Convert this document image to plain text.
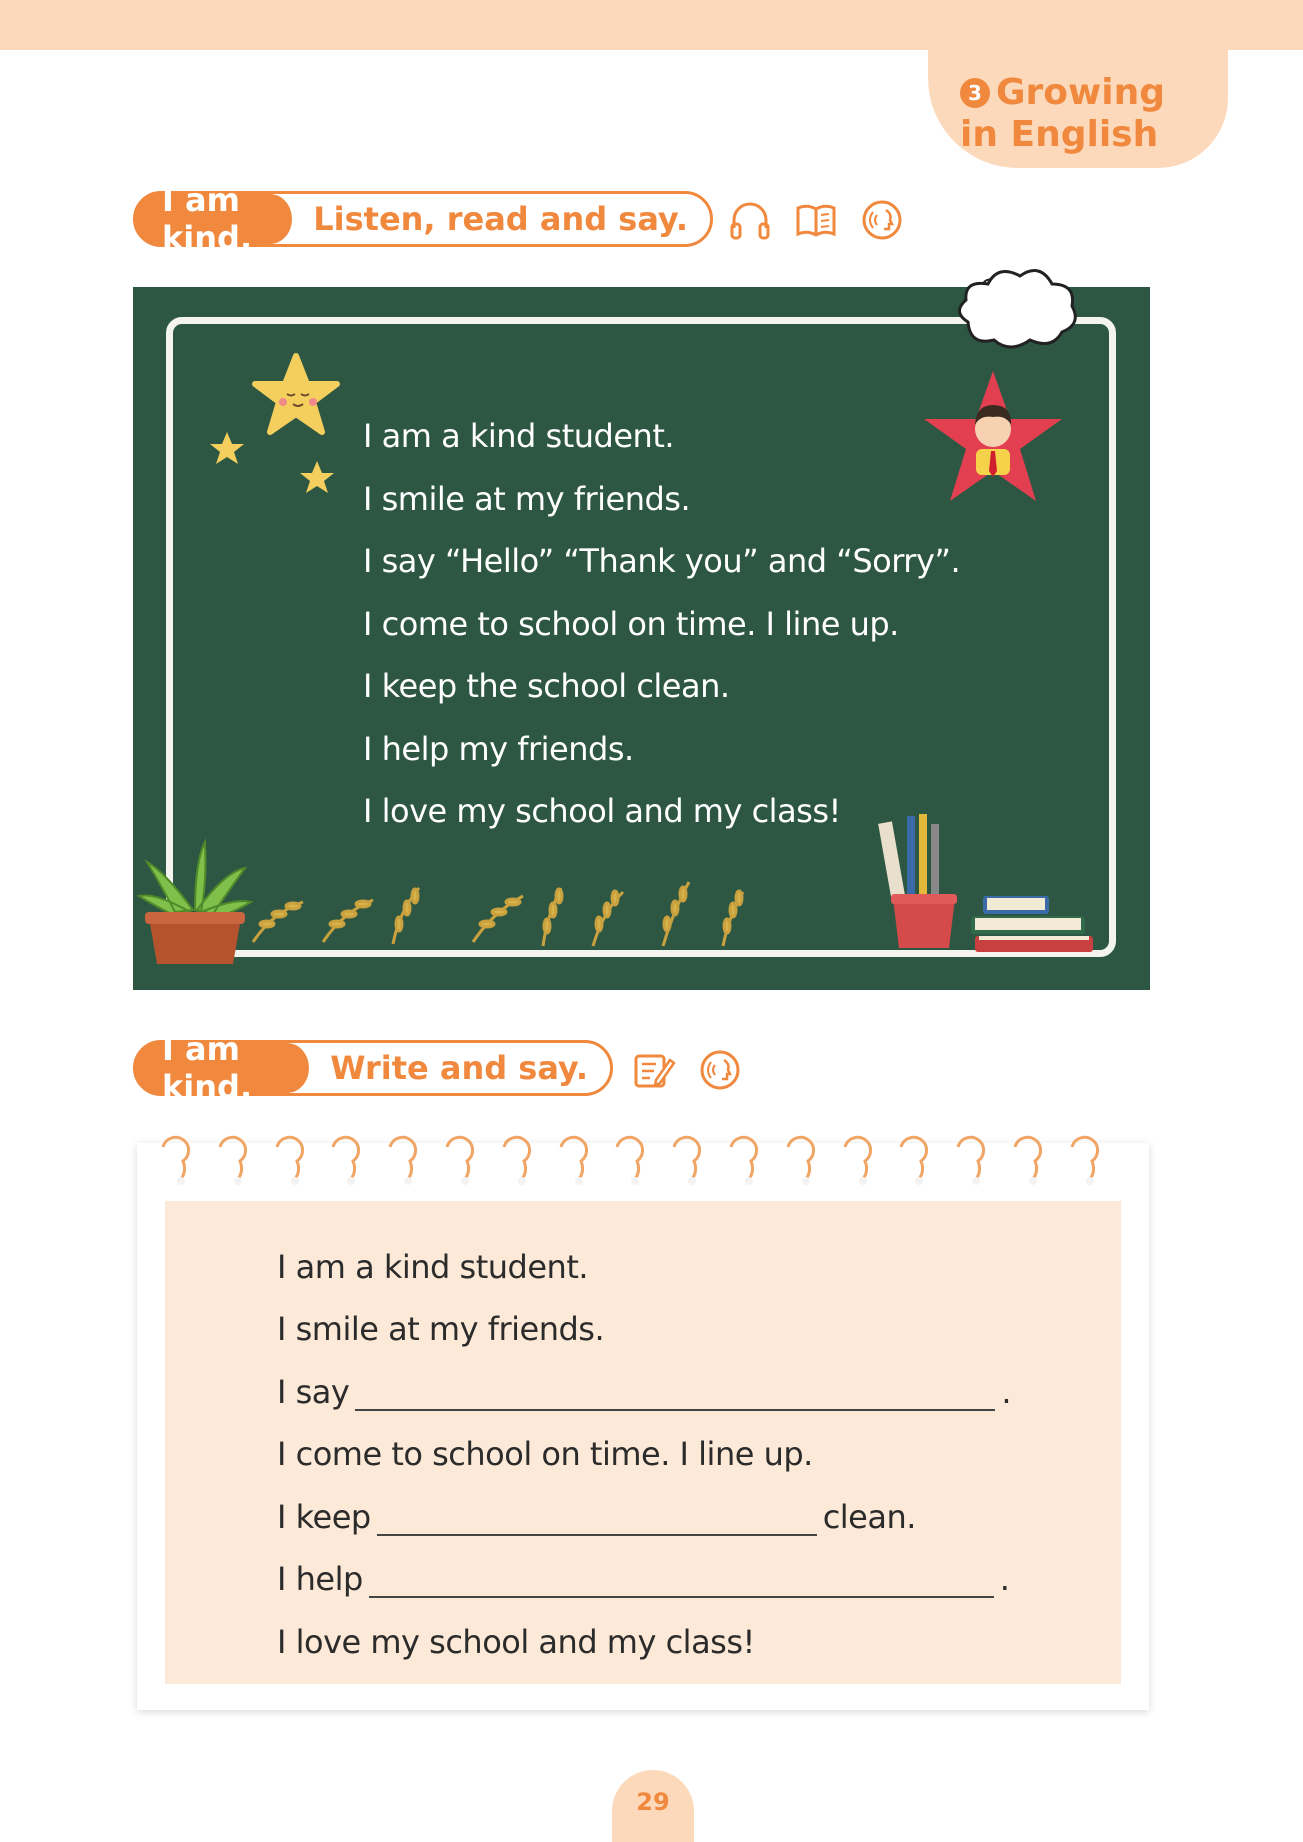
3 Growing
in English
I am kind.	Listen, read and say.
I am a kind student.
I smile at my friends.
I say “Hello” “Thank you” and “Sorry”.
I come to school on time. I line up.
I keep the school clean.
I help my friends.
I love my school and my class!
I am kind.	Write and say.
I am a kind student.
I smile at my friends.
I say	.
I come to school on time. I line up.
I keep	clean.
I help	.
I love my school and my class!
29
